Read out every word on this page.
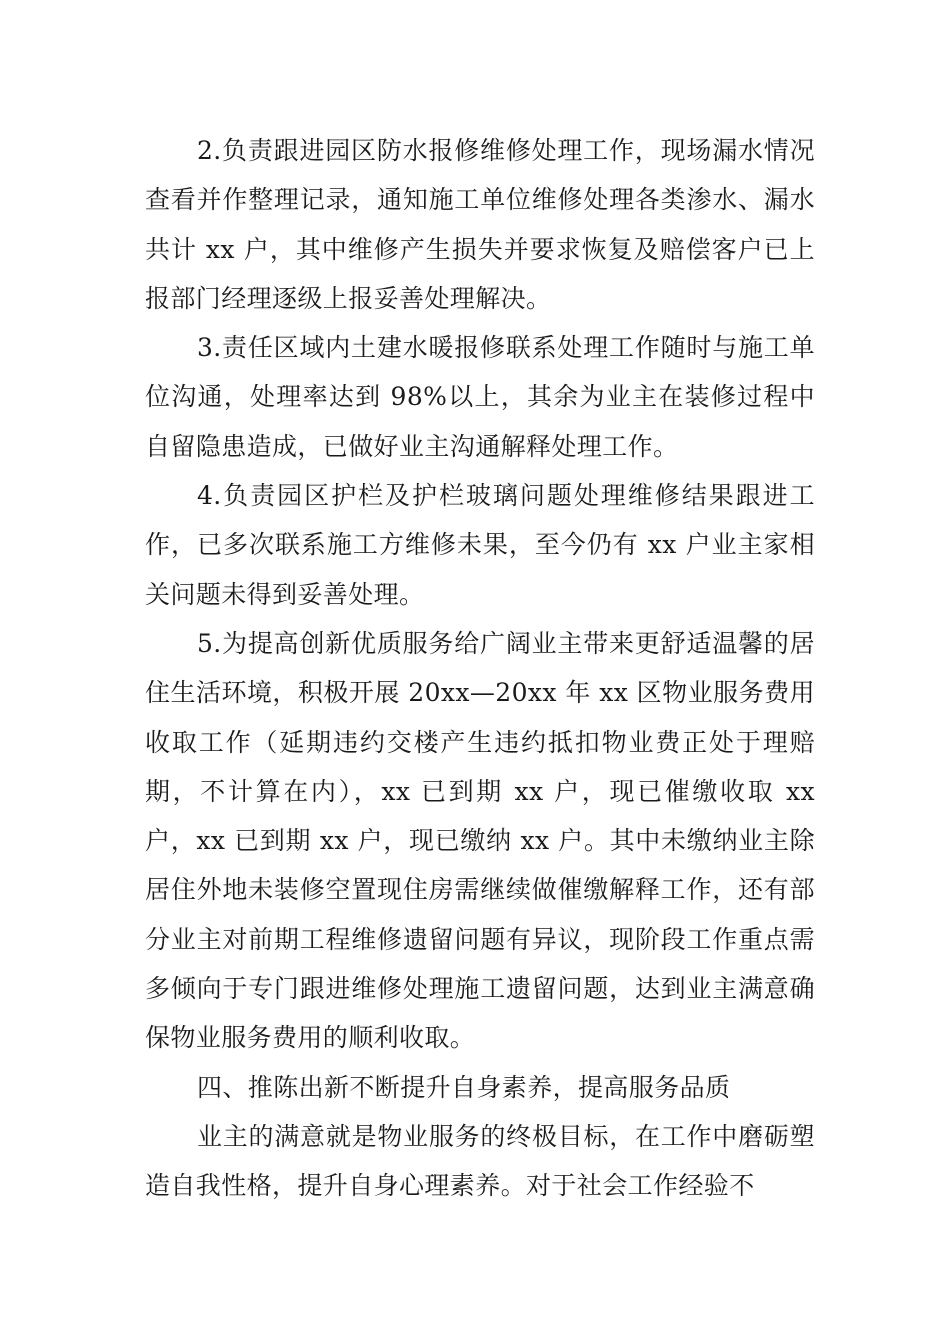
2.负责跟进园区防水报修维修处理工作，现场漏水情况查看并作整理记录，通知施工单位维修处理各类渗水、漏水共计 xx 户，其中维修产生损失并要求恢复及赔偿客户已上报部门经理逐级上报妥善处理解决。

3.责任区域内土建水暖报修联系处理工作随时与施工单位沟通，处理率达到 98%以上，其余为业主在装修过程中自留隐患造成，已做好业主沟通解释处理工作。

4.负责园区护栏及护栏玻璃问题处理维修结果跟进工作，已多次联系施工方维修未果，至今仍有 xx 户业主家相关问题未得到妥善处理。

5.为提高创新优质服务给广阔业主带来更舒适温馨的居住生活环境，积极开展 20xx—20xx 年 xx 区物业服务费用收取工作（延期违约交楼产生违约抵扣物业费正处于理赔期，不计算在内），xx 已到期 xx 户，现已催缴收取 xx 户，xx 已到期 xx 户，现已缴纳 xx 户。其中未缴纳业主除居住外地未装修空置现住房需继续做催缴解释工作，还有部分业主对前期工程维修遗留问题有异议，现阶段工作重点需多倾向于专门跟进维修处理施工遗留问题，达到业主满意确保物业服务费用的顺利收取。

四、推陈出新不断提升自身素养，提高服务品质

业主的满意就是物业服务的终极目标，在工作中磨砺塑造自我性格，提升自身心理素养。对于社会工作经验不
